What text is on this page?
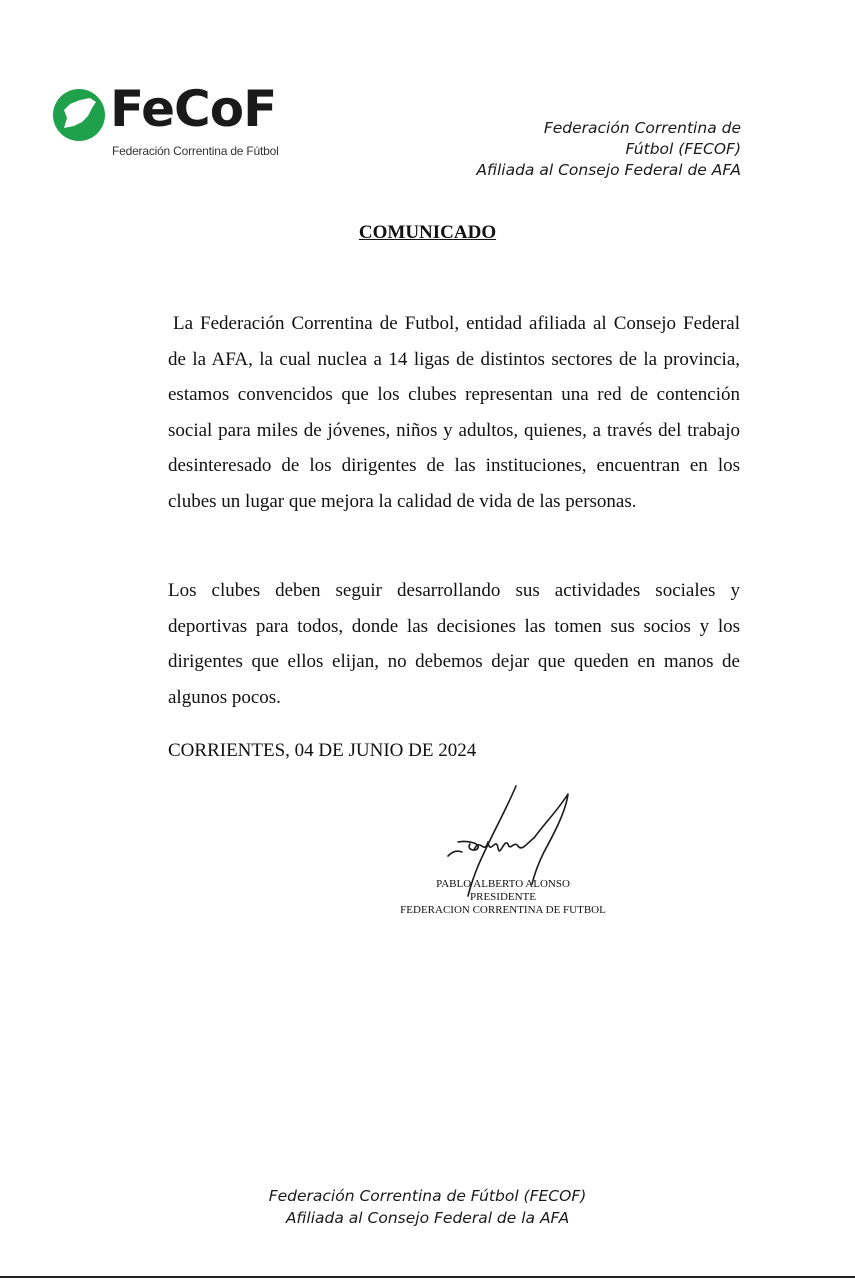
FeCoF
Federación Correntina de Fútbol
Federación Correntina de
Fútbol (FECOF)
Afiliada al Consejo Federal de AFA
COMUNICADO

La Federación Correntina de Futbol, entidad afiliada al Consejo Federal de la AFA, la cual nuclea a 14 ligas de distintos sectores de la provincia, estamos convencidos que los clubes representan una red de contención social para miles de jóvenes, niños y adultos, quienes, a través del trabajo desinteresado de los dirigentes de las instituciones, encuentran en los clubes un lugar que mejora la calidad de vida de las personas.

Los clubes deben seguir desarrollando sus actividades sociales y deportivas para todos, donde las decisiones las tomen sus socios y los dirigentes que ellos elijan, no debemos dejar que queden en manos de algunos pocos.

CORRIENTES, 04 DE JUNIO DE 2024
PABLO ALBERTO ALONSO
PRESIDENTE
FEDERACION CORRENTINA DE FUTBOL
Federación Correntina de Fútbol (FECOF)
Afiliada al Consejo Federal de la AFA
